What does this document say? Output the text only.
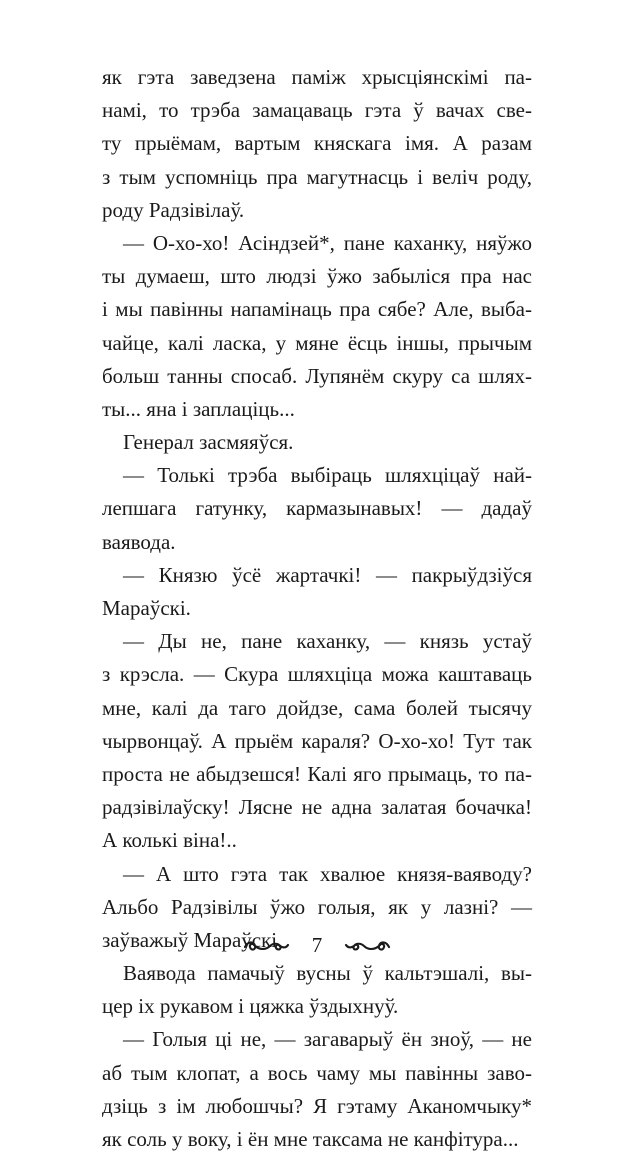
як гэта заведзена паміж хрысціянскімі па-
намі, то трэба замацаваць гэта ў вачах све-
ту прыёмам, вартым княскага імя. А разам
з тым успомніць пра магутнасць і веліч роду,
роду Радзівілаў.
— О-хо-хо! Асіндзей*, пане каханку, няўжо
ты думаеш, што людзі ўжо забыліся пра нас
і мы павінны напамінаць пра сябе? Але, выба-
чайце, калі ласка, у мяне ёсць іншы, прычым
больш танны спосаб. Лупянём скуру са шлях-
ты... яна і заплаціць...
Генерал засмяяўся.
— Толькі трэба выбіраць шляхціцаў най-
лепшага гатунку, кармазынавых! — дадаў
ваявода.
— Князю ўсё жартачкі! — пакрыўдзіўся
Мараўскі.
— Ды не, пане каханку, — князь устаў
з крэсла. — Скура шляхціца можа каштаваць
мне, калі да таго дойдзе, сама болей тысячу
чырвонцаў. А прыём караля? О-хо-хо! Тут так
проста не абыдзешся! Калі яго прымаць, то па-
радзівілаўску! Лясне не адна залатая бочачка!
А колькі віна!..
— А што гэта так хвалюе князя-ваяводу?
Альбо Радзівілы ўжо голыя, як у лазні? —
заўважыў Мараўскі.
Ваявода памачыў вусны ў кальтэшалі, вы-
цер іх рукавом і цяжка ўздыхнуў.
— Голыя ці не, — загаварыў ён зноў, — не
аб тым клопат, а вось чаму мы павінны заво-
дзіць з ім любошчы? Я гэтаму Аканомчыку*
як соль у воку, і ён мне таксама не канфітура...
7
